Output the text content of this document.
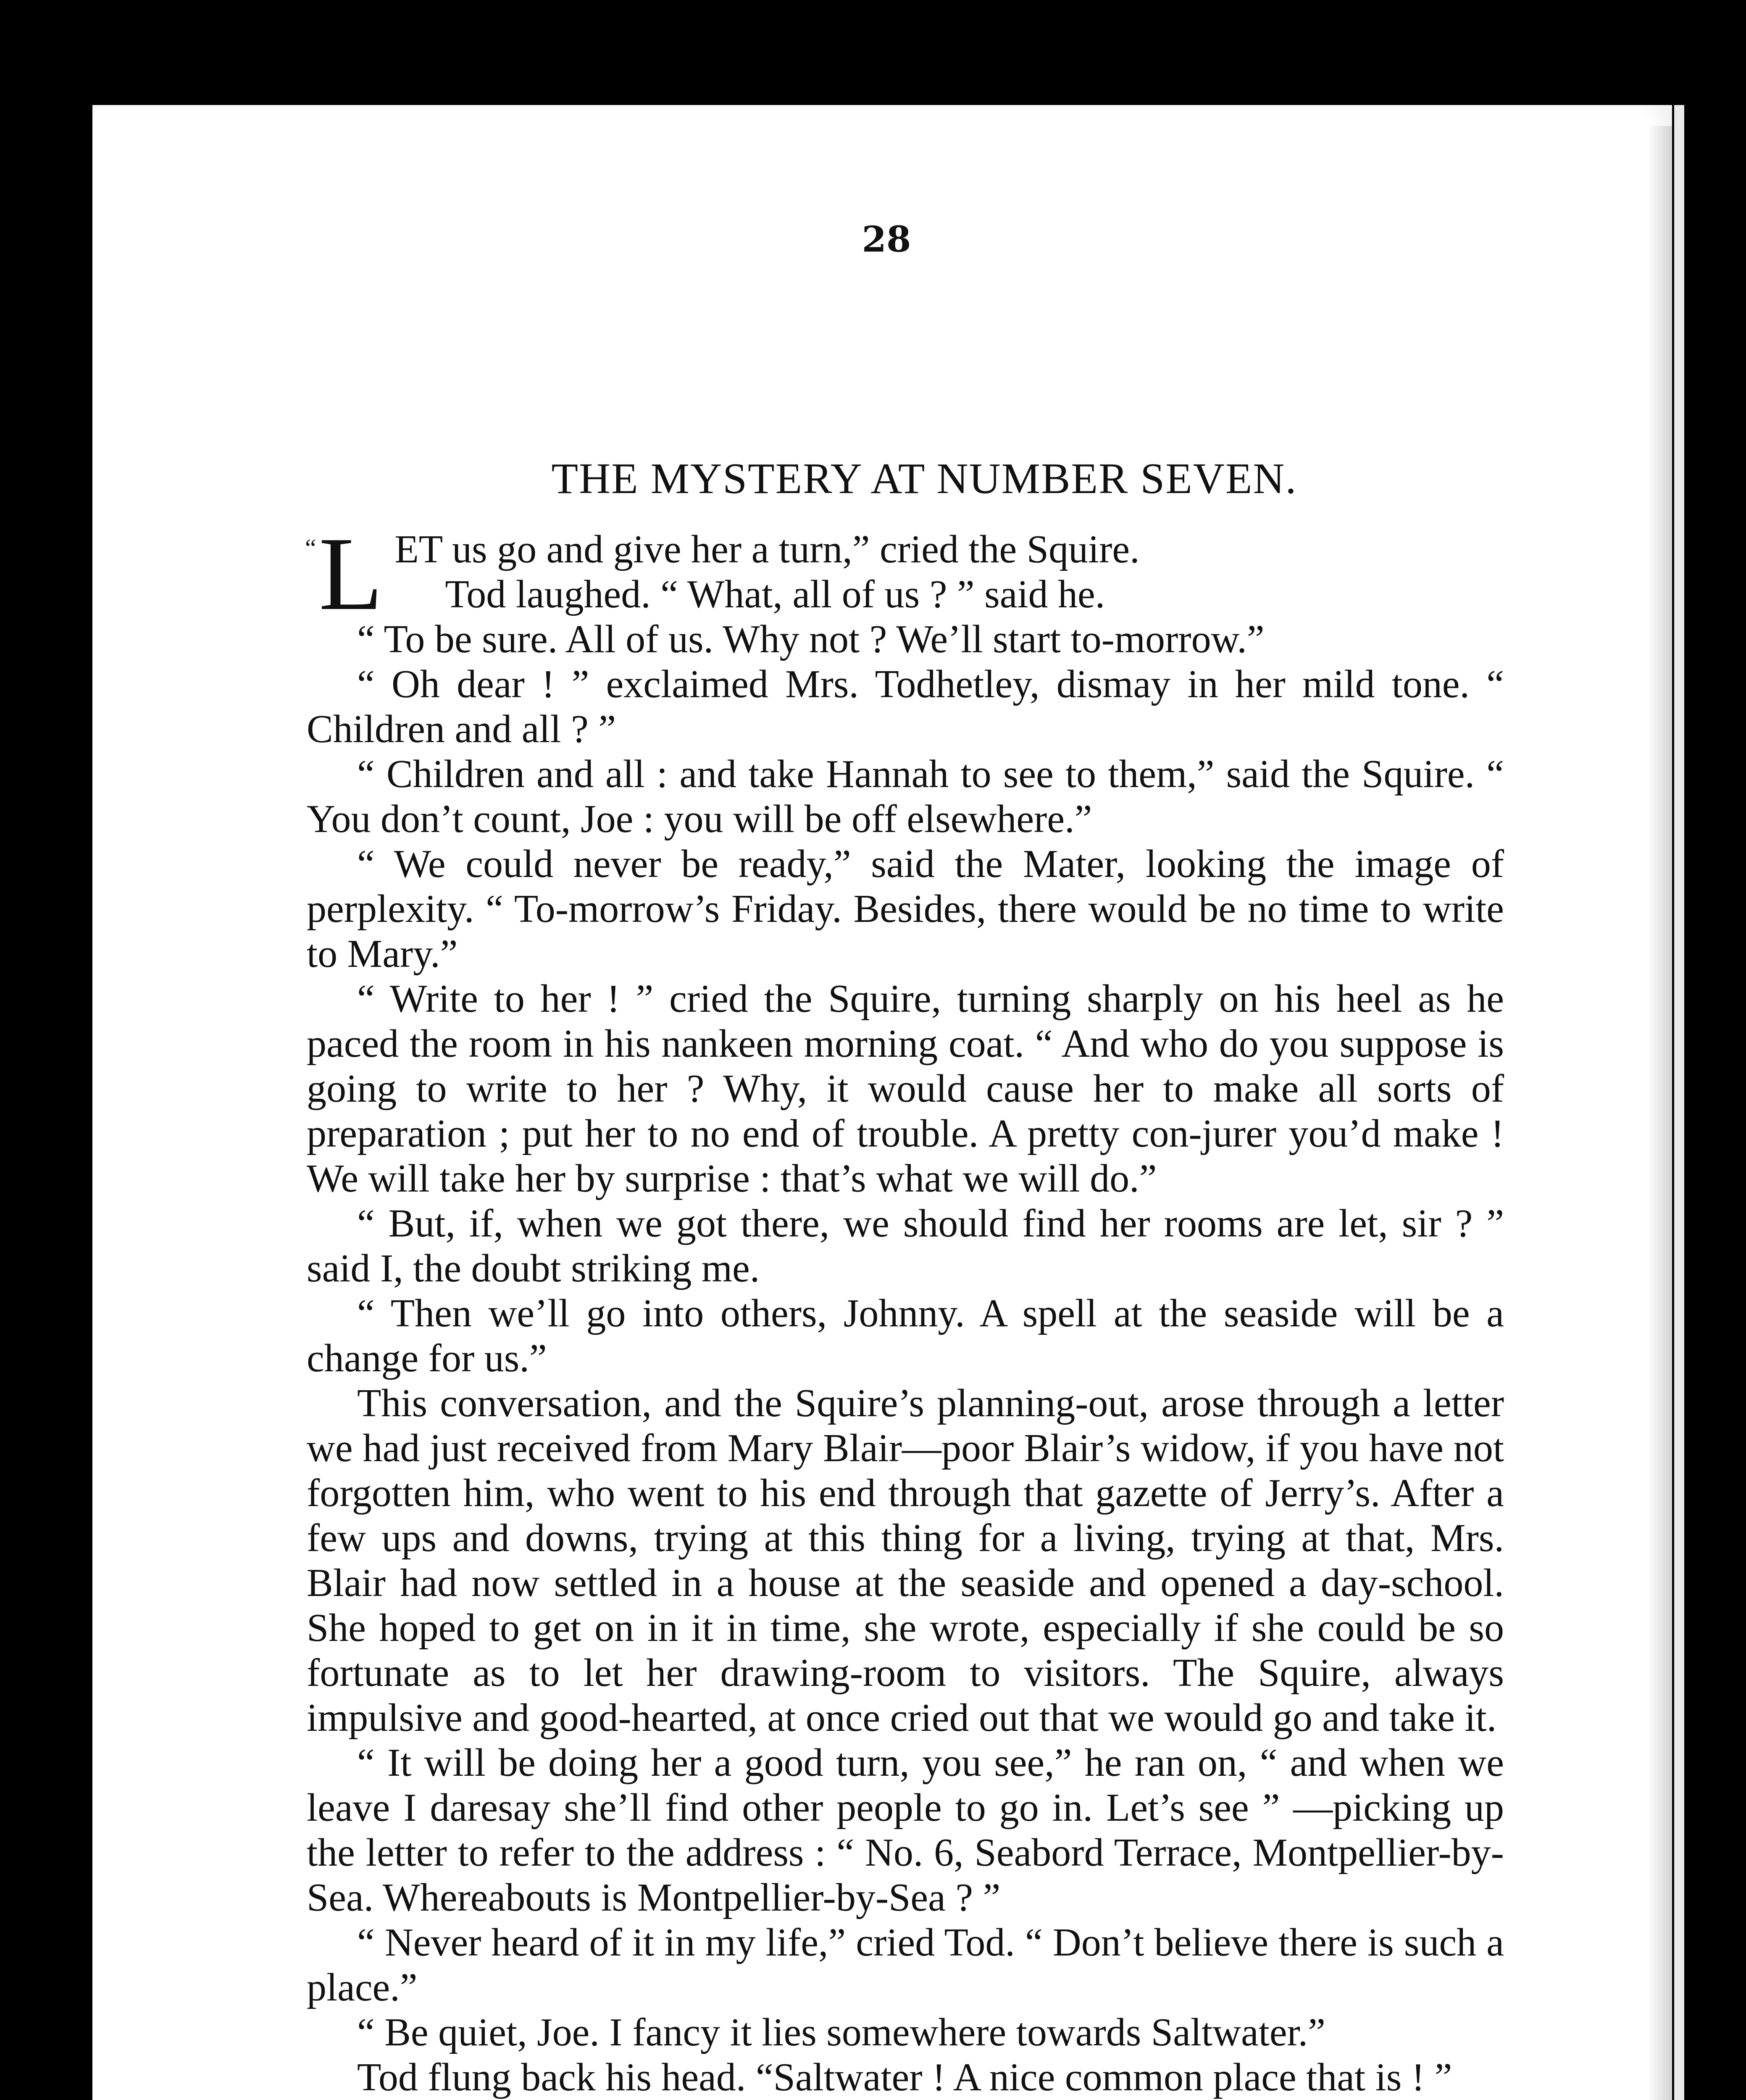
28
THE MYSTERY AT NUMBER SEVEN.

“ L ET us go and give her a turn,” cried the Squire.

Tod laughed. “ What, all of us ? ” said he.

“ To be sure. All of us. Why not ? We’ll start to-morrow.”

“ Oh dear ! ” exclaimed Mrs. Todhetley, dismay in her mild tone. “ Children and all ? ”

“ Children and all : and take Hannah to see to them,” said the Squire. “ You don’t count, Joe : you will be off elsewhere.”

“ We could never be ready,” said the Mater, looking the image of perplexity. “ To-morrow’s Friday. Besides, there would be no time to write to Mary.”

“ Write to her ! ” cried the Squire, turning sharply on his heel as he paced the room in his nankeen morning coat. “ And who do you suppose is going to write to her ? Why, it would cause her to make all sorts of preparation ; put her to no end of trouble. A pretty con-jurer you’d make ! We will take her by surprise : that’s what we will do.”

“ But, if, when we got there, we should find her rooms are let, sir ? ” said I, the doubt striking me.

“ Then we’ll go into others, Johnny. A spell at the seaside will be a change for us.”

This conversation, and the Squire’s planning-out, arose through a letter we had just received from Mary Blair—poor Blair’s widow, if you have not forgotten him, who went to his end through that gazette of Jerry’s. After a few ups and downs, trying at this thing for a living, trying at that, Mrs. Blair had now settled in a house at the seaside and opened a day-school. She hoped to get on in it in time, she wrote, especially if she could be so fortunate as to let her drawing-room to visitors. The Squire, always impulsive and good-hearted, at once cried out that we would go and take it.

“ It will be doing her a good turn, you see,” he ran on, “ and when we leave I daresay she’ll find other people to go in. Let’s see ” —picking up the letter to refer to the address : “ No. 6, Seabord Terrace, Montpellier-by-Sea. Whereabouts is Montpellier-by-Sea ? ”

“ Never heard of it in my life,” cried Tod. “ Don’t believe there is such a place.”

“ Be quiet, Joe. I fancy it lies somewhere towards Saltwater.”

Tod flung back his head. “Saltwater ! A nice common place that is ! ”
